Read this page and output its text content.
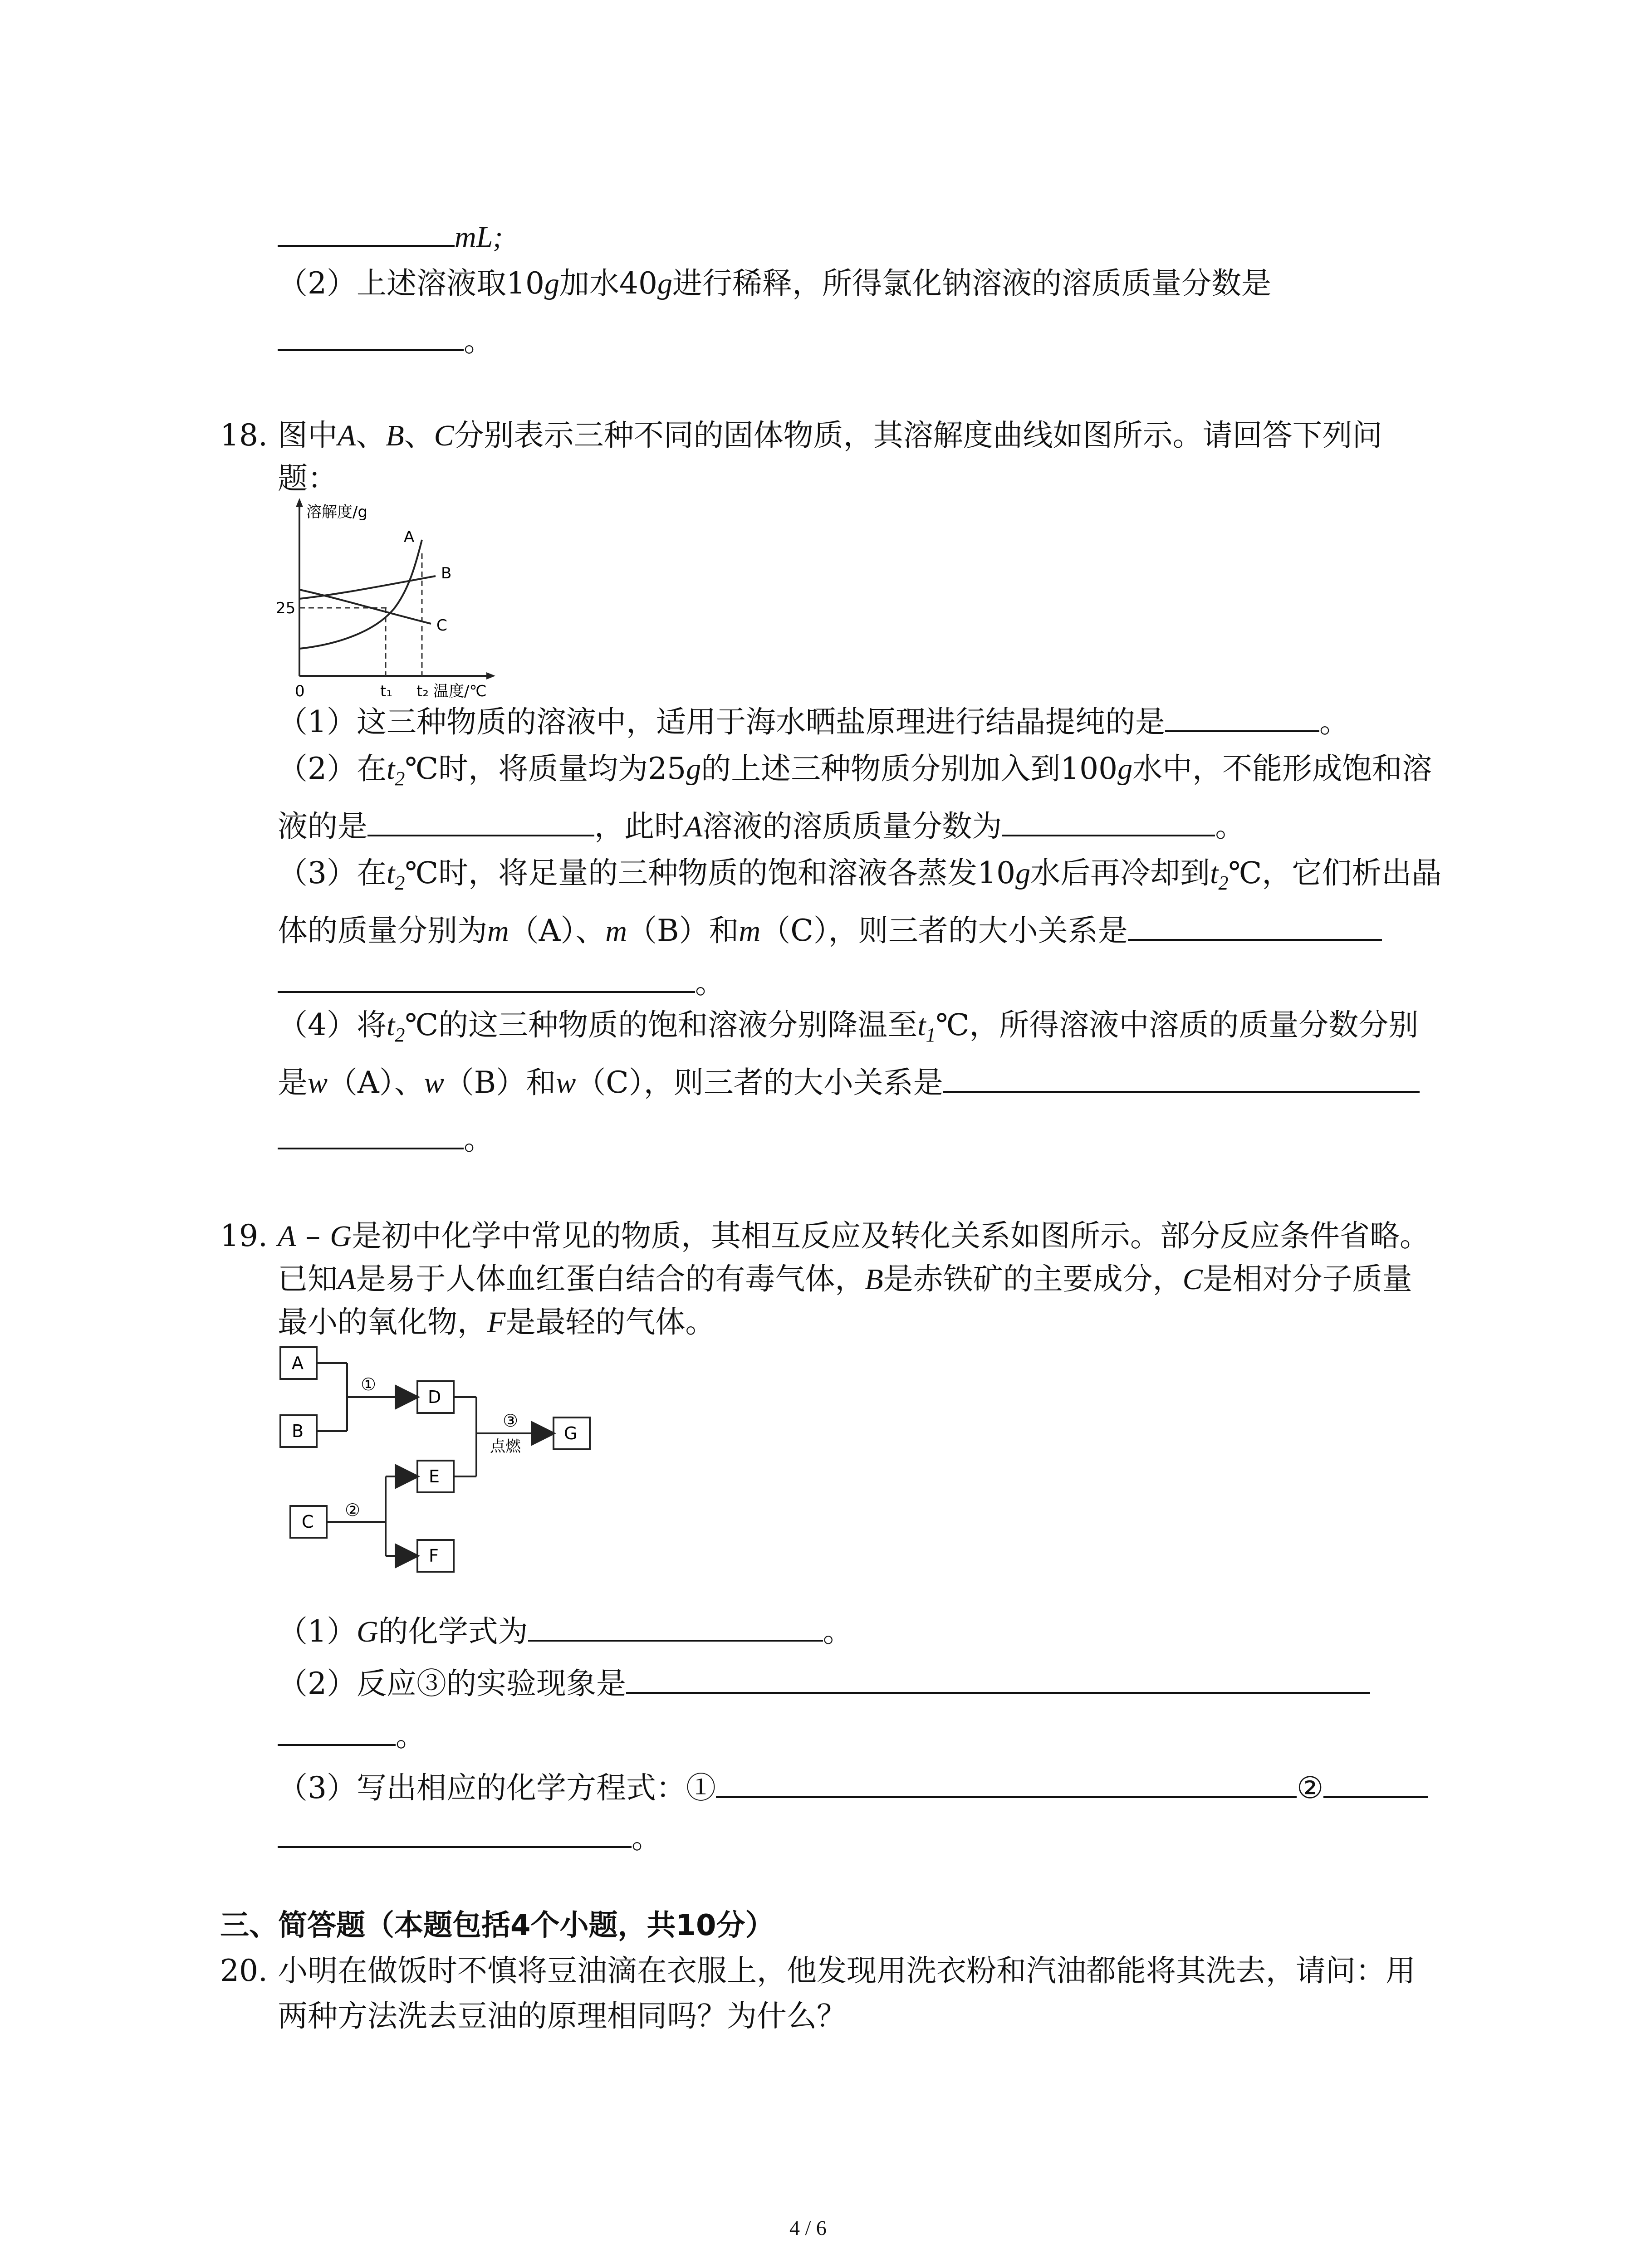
mL;
（2）上述溶液取10g加水40g进行稀释，所得氯化钠溶液的溶质质量分数是
。
18. 图中A、B、C分别表示三种不同的固体物质，其溶解度曲线如图所示。请回答下列问
题：
溶解度/g
A
B
C
25
0	t₁ t₂ 温度/℃
（1）这三种物质的溶液中，适用于海水晒盐原理进行结晶提纯的是	。
（2）在$t_2℃$时，将质量均为25g的上述三种物质分别加入到100g水中，不能形成饱和溶
液的是	，此时A溶液的溶质质量分数为	。
（3）在$t_2℃$时，将足量的三种物质的饱和溶液各蒸发10g水后再冷却到$t_2℃$，它们析出晶
体的质量分别为m（A）、m（B）和m（C），则三者的大小关系是
。
（4）将$t_2℃$的这三种物质的饱和溶液分别降温至$t_1℃$，所得溶液中溶质的质量分数分别
是w（A）、w（B）和w（C），则三者的大小关系是
。
19. A – G是初中化学中常见的物质，其相互反应及转化关系如图所示。部分反应条件省略。
已知A是易于人体血红蛋白结合的有毒气体，B是赤铁矿的主要成分，C是相对分子质量
最小的氧化物，F是最轻的气体。
A
B
D
G
E
C
F
①
③
点燃
②
（1）G的化学式为	。
（2）反应③的实验现象是
。
（3）写出相应的化学方程式：①	②
。
三、简答题（本题包括4个小题，共10分）
20. 小明在做饭时不慎将豆油滴在衣服上，他发现用洗衣粉和汽油都能将其洗去，请问：用
两种方法洗去豆油的原理相同吗？为什么？
4 / 6
